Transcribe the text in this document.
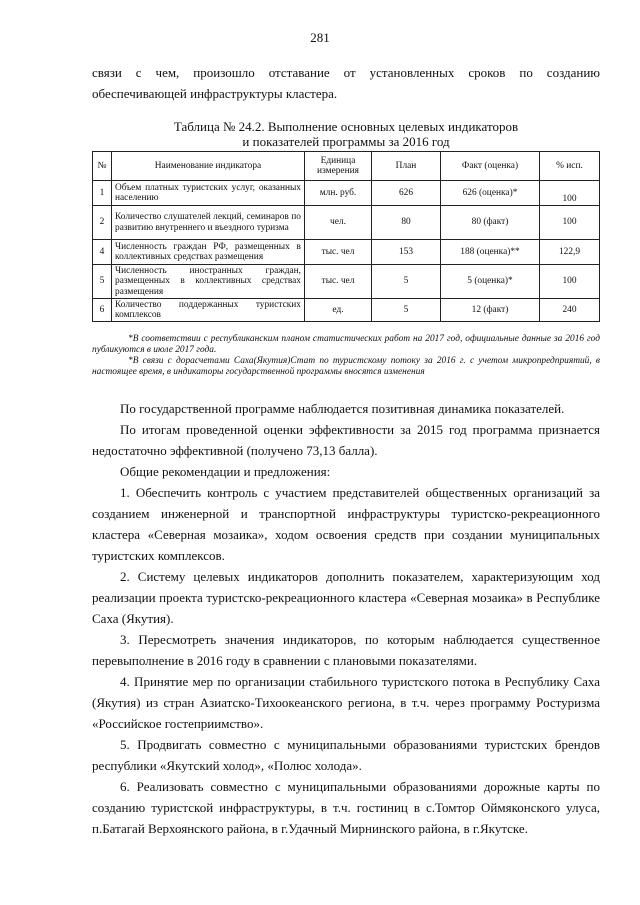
281
связи с чем, произошло отставание от установленных сроков по созданию
обеспечивающей инфраструктуры кластера.
Таблица № 24.2. Выполнение основных целевых индикаторов
и показателей программы за 2016 год
№	Наименование индикатора	Единица измерения	План	Факт (оценка)	% исп.
1	Объем платных туристских услуг, оказанных населению	млн. руб.	626	626 (оценка)*	100
2	Количество слушателей лекций, семинаров по развитию внутреннего и въездного туризма	чел.	80	80 (факт)	100
4	Численность граждан РФ, размещенных в коллективных средствах размещения	тыс. чел	153	188 (оценка)**	122,9
5	Численность иностранных граждан, размещенных в коллективных средствах размещения	тыс. чел	5	5 (оценка)*	100
6	Количество поддержанных туристских комплексов	ед.	5	12 (факт)	240

*В соответствии с республиканским планом статистических работ на 2017 год, официальные данные за 2016 год публикуются в июле 2017 года.

*В связи с дорасчетами Саха(Якутия)Стат по туристскому потоку за 2016 г. с учетом микропредприятий, в настоящее время, в индикаторы государственной программы вносятся изменения

По государственной программе наблюдается позитивная динамика показателей.

По итогам проведенной оценки эффективности за 2015 год программа признается недостаточно эффективной (получено 73,13 балла).

Общие рекомендации и предложения:

1. Обеспечить контроль с участием представителей общественных организаций за созданием инженерной и транспортной инфраструктуры туристско-рекреационного кластера «Северная мозаика», ходом освоения средств при создании муниципальных туристских комплексов.

2. Систему целевых индикаторов дополнить показателем, характеризующим ход реализации проекта туристско-рекреационного кластера «Северная мозаика» в Республике Саха (Якутия).

3. Пересмотреть значения индикаторов, по которым наблюдается существенное перевыполнение в 2016 году в сравнении с плановыми показателями.

4. Принятие мер по организации стабильного туристского потока в Республику Саха (Якутия) из стран Азиатско-Тихоокеанского региона, в т.ч. через программу Ростуризма «Российское гостеприимство».

5. Продвигать совместно с муниципальными образованиями туристских брендов республики «Якутский холод», «Полюс холода».

6. Реализовать совместно с муниципальными образованиями дорожные карты по созданию туристской инфраструктуры, в т.ч. гостиниц в с.Томтор Оймяконского улуса, п.Батагай Верхоянского района, в г.Удачный Мирнинского района, в г.Якутске.
